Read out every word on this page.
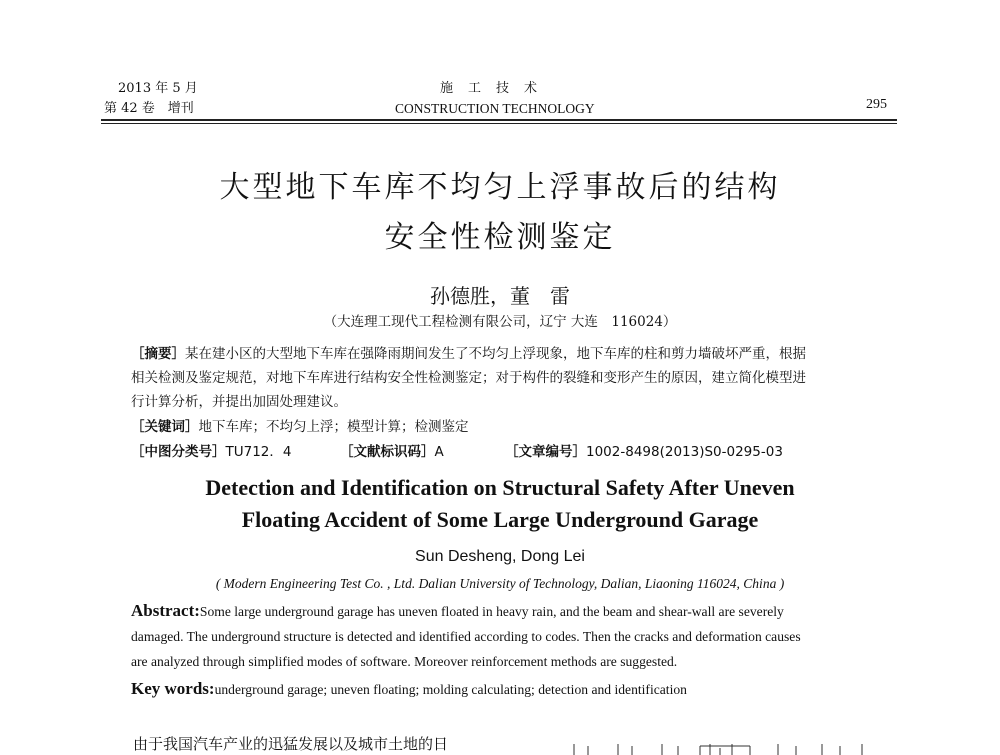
2013 年 5 月
第 42 卷　增刊
施　工　技　术
CONSTRUCTION TECHNOLOGY	295
大型地下车库不均匀上浮事故后的结构
安全性检测鉴定
孙德胜，董　雷
（大连理工现代工程检测有限公司，辽宁 大连　116024）
［摘要］某在建小区的大型地下车库在强降雨期间发生了不均匀上浮现象，地下车库的柱和剪力墙破坏严重，根据
相关检测及鉴定规范，对地下车库进行结构安全性检测鉴定；对于构件的裂缝和变形产生的原因，建立简化模型进
行计算分析，并提出加固处理建议。
［关键词］地下车库；不均匀上浮；模型计算；检测鉴定
［中图分类号］TU712．4	［文献标识码］A	［文章编号］1002-8498(2013)S0-0295-03
Detection and Identification on Structural Safety After Uneven
Floating Accident of Some Large Underground Garage
Sun Desheng, Dong Lei
( Modern Engineering Test Co. , Ltd. Dalian University of Technology, Dalian, Liaoning 116024, China )
Abstract:Some large underground garage has uneven floated in heavy rain, and the beam and shear-wall are severely
damaged. The underground structure is detected and identified according to codes. Then the cracks and deformation causes
are analyzed through simplified modes of software. Moreover reinforcement methods are suggested.
Key words:underground garage; uneven floating; molding calculating; detection and identification
由于我国汽车产业的迅猛发展以及城市土地的日
